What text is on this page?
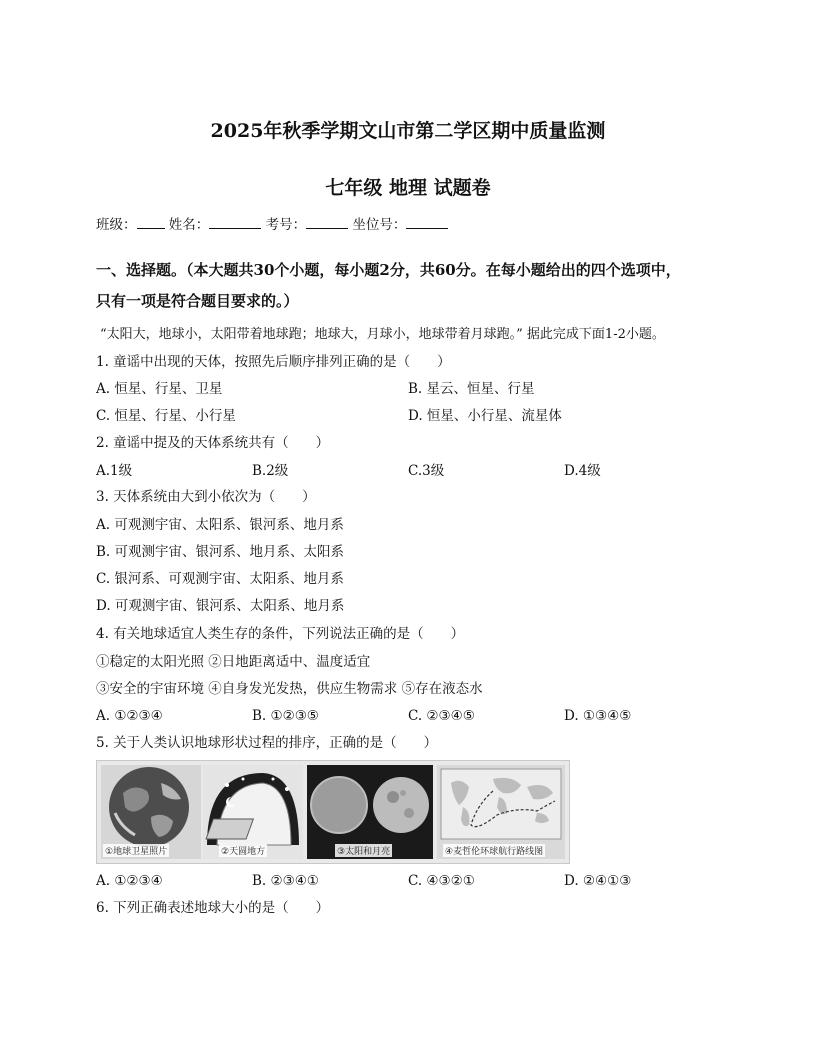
2025年秋季学期文山市第二学区期中质量监测
七年级 地理 试题卷
班级： 姓名：	考号：	坐位号：
一、选择题。（本大题共30个小题，每小题2分，共60分。在每小题给出的四个选项中，
只有一项是符合题目要求的。）
“太阳大，地球小，太阳带着地球跑；地球大，月球小，地球带着月球跑。” 据此完成下面1-2小题。
1. 童谣中出现的天体，按照先后顺序排列正确的是（　　）
A. 恒星、行星、卫星	B. 星云、恒星、行星
C. 恒星、行星、小行星	D. 恒星、小行星、流星体
2. 童谣中提及的天体系统共有（　　）
A.1级	B.2级	C.3级	D.4级
3. 天体系统由大到小依次为（　　）
A. 可观测宇宙、太阳系、银河系、地月系
B. 可观测宇宙、银河系、地月系、太阳系
C. 银河系、可观测宇宙、太阳系、地月系
D. 可观测宇宙、银河系、太阳系、地月系
4. 有关地球适宜人类生存的条件，下列说法正确的是（　　）
①稳定的太阳光照 ②日地距离适中、温度适宜
③安全的宇宙环境 ④自身发光发热，供应生物需求 ⑤存在液态水
A. ①②③④	B. ①②③⑤	C. ②③④⑤	D. ①③④⑤
5. 关于人类认识地球形状过程的排序，正确的是（　　）
①地球卫星照片	②天圆地方	③太阳和月亮	④麦哲伦环球航行路线图
A. ①②③④	B. ②③④①	C. ④③②①	D. ②④①③
6. 下列正确表述地球大小的是（　　）
